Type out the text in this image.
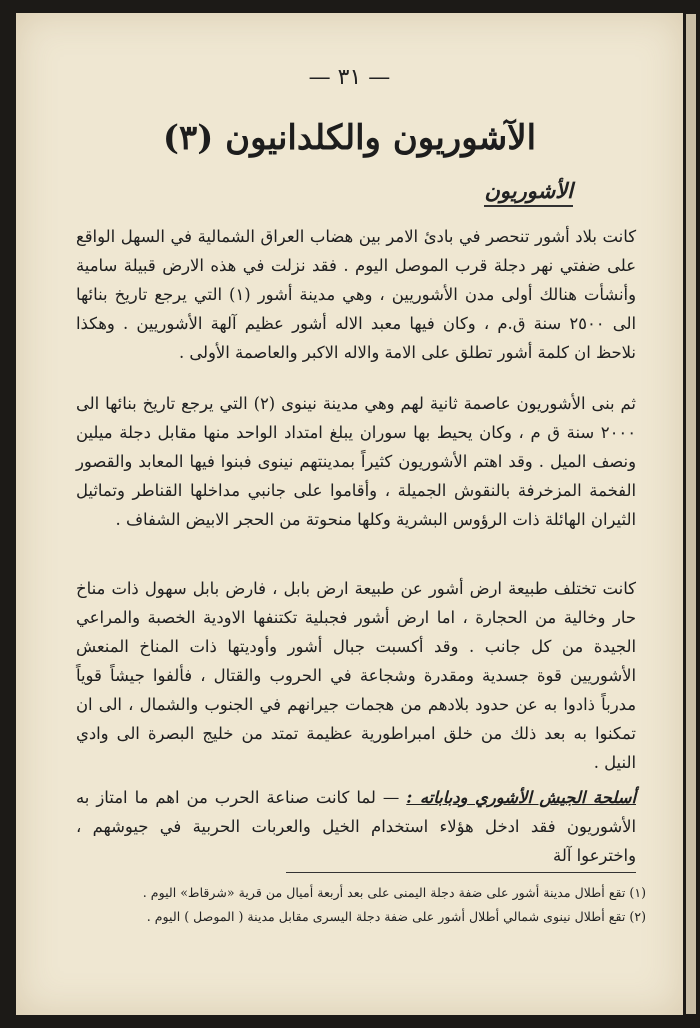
— ٣١ —
(٣) الآشوريون والكلدانيون
الأشوريون
كانت بلاد أشور تنحصر في بادئ الامر بين هضاب العراق الشمالية في السهل الواقع على ضفتي نهر دجلة قرب الموصل اليوم . فقد نزلت في هذه الارض قبيلة سامية وأنشأت هنالك أولى مدن الأشوريين ، وهي مدينة أشور (١) التي يرجع تاريخ بنائها الى ٢٥٠٠ سنة ق.م ، وكان فيها معبد الاله أشور عظيم آلهة الأشوريين . وهكذا نلاحظ ان كلمة أشور تطلق على الامة والاله الاكبر والعاصمة الأولى .
ثم بنى الأشوريون عاصمة ثانية لهم وهي مدينة نينوى (٢) التي يرجع تاريخ بنائها الى ٢٠٠٠ سنة ق م ، وكان يحيط بها سوران يبلغ امتداد الواحد منها مقابل دجلة ميلين ونصف الميل . وقد اهتم الأشوريون كثيراً بمدينتهم نينوى فبنوا فيها المعابد والقصور الفخمة المزخرفة بالنقوش الجميلة ، وأقاموا على جانبي مداخلها القناطر وتماثيل الثيران الهائلة ذات الرؤوس البشرية وكلها منحوتة من الحجر الابيض الشفاف .
كانت تختلف طبيعة ارض أشور عن طبيعة ارض بابل ، فارض بابل سهول ذات مناخ حار وخالية من الحجارة ، اما ارض أشور فجبلية تكتنفها الاودية الخصبة والمراعي الجيدة من كل جانب . وقد أكسبت جبال أشور وأوديتها ذات المناخ المنعش الأشوريين قوة جسدية ومقدرة وشجاعة في الحروب والقتال ، فألفوا جيشاً قوياً مدرباً ذادوا به عن حدود بلادهم من هجمات جيرانهم في الجنوب والشمال ، الى ان تمكنوا به بعد ذلك من خلق امبراطورية عظيمة تمتد من خليج البصرة الى وادي النيل .
أسلحة الجيش الأشوري ودباباته : — لما كانت صناعة الحرب من اهم ما امتاز به الأشوريون فقد ادخل هؤلاء استخدام الخيل والعربات الحربية في جيوشهم ، واخترعوا آلة
(١) تقع أطلال مدينة أشور على ضفة دجلة اليمنى على بعد أربعة أميال من قرية «شرقاط» اليوم .
(٢) تقع أطلال نينوى شمالي أطلال أشور على ضفة دجلة اليسرى مقابل مدينة ( الموصل ) اليوم .
